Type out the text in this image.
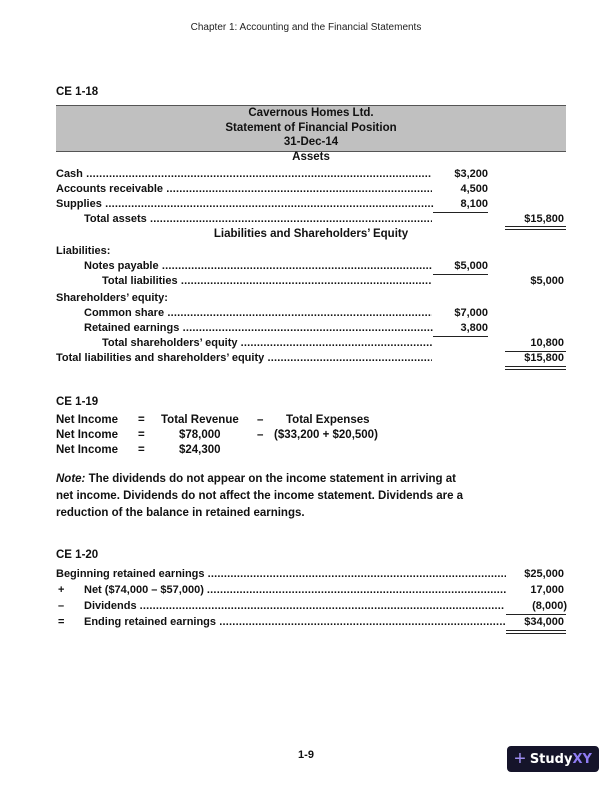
Chapter 1: Accounting and the Financial Statements
CE 1-18
Cavernous Homes Ltd.
Statement of Financial Position
31-Dec-14
Assets
Cash .....	$3,200
Accounts receivable .....	4,500
Supplies .....	8,100
Total assets .....	$15,800
Liabilities and Shareholders’ Equity
Liabilities:
Notes payable .....	$5,000
Total liabilities .....	$5,000
Shareholders’ equity:
Common share .....	$7,000
Retained earnings .....	3,800
Total shareholders’ equity .....	10,800
Total liabilities and shareholders’ equity .....	$15,800
CE 1-19
Net Income = Total Revenue – Total Expenses
Net Income =	$78,000	– ($33,200 + $20,500)
Net Income =	$24,300
Note: The dividends do not appear on the income statement in arriving at net income. Dividends do not affect the income statement. Dividends are a reduction of the balance in retained earnings.
CE 1-20
Beginning retained earnings .....	$25,000
+ Net ($74,000 – $57,000) .....	17,000
– Dividends .....	(8,000)
= Ending retained earnings .....	$34,000
1-9	+ StudyXY
